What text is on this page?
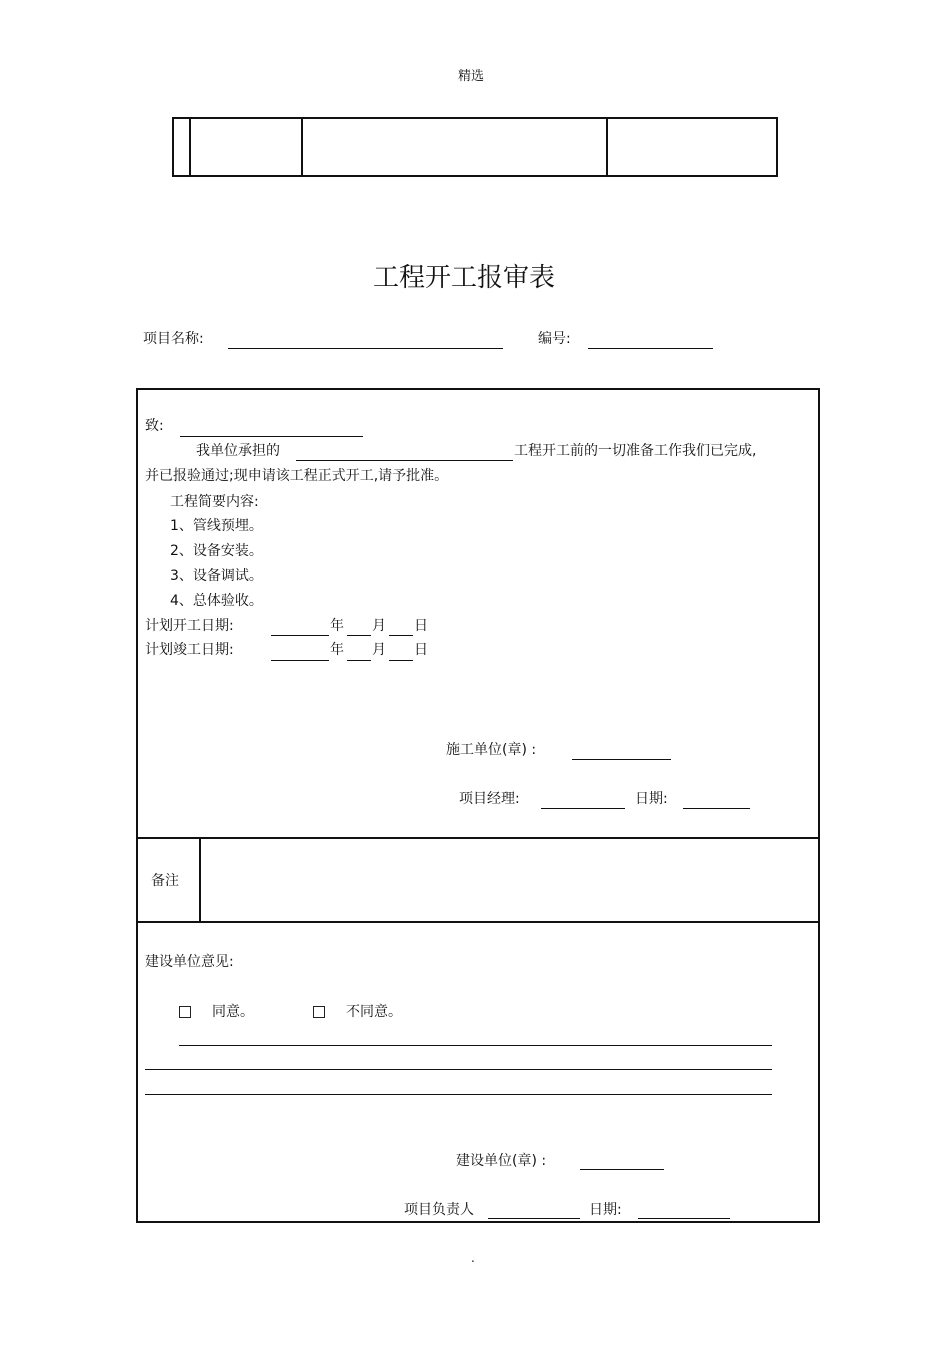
精选
工程开工报审表
项目名称:	编号:
致:
我单位承担的	工程开工前的一切准备工作我们已完成,
并已报验通过;现申请该工程正式开工,请予批准。
工程简要内容:
1、管线预埋。
2、设备安装。
3、设备调试。
4、总体验收。
计划开工日期:	年 月 日
计划竣工日期:	年 月 日
施工单位(章) :
项目经理:	日期:
备注
建设单位意见:
同意。	不同意。
建设单位(章) :
项目负责人	日期:
.
